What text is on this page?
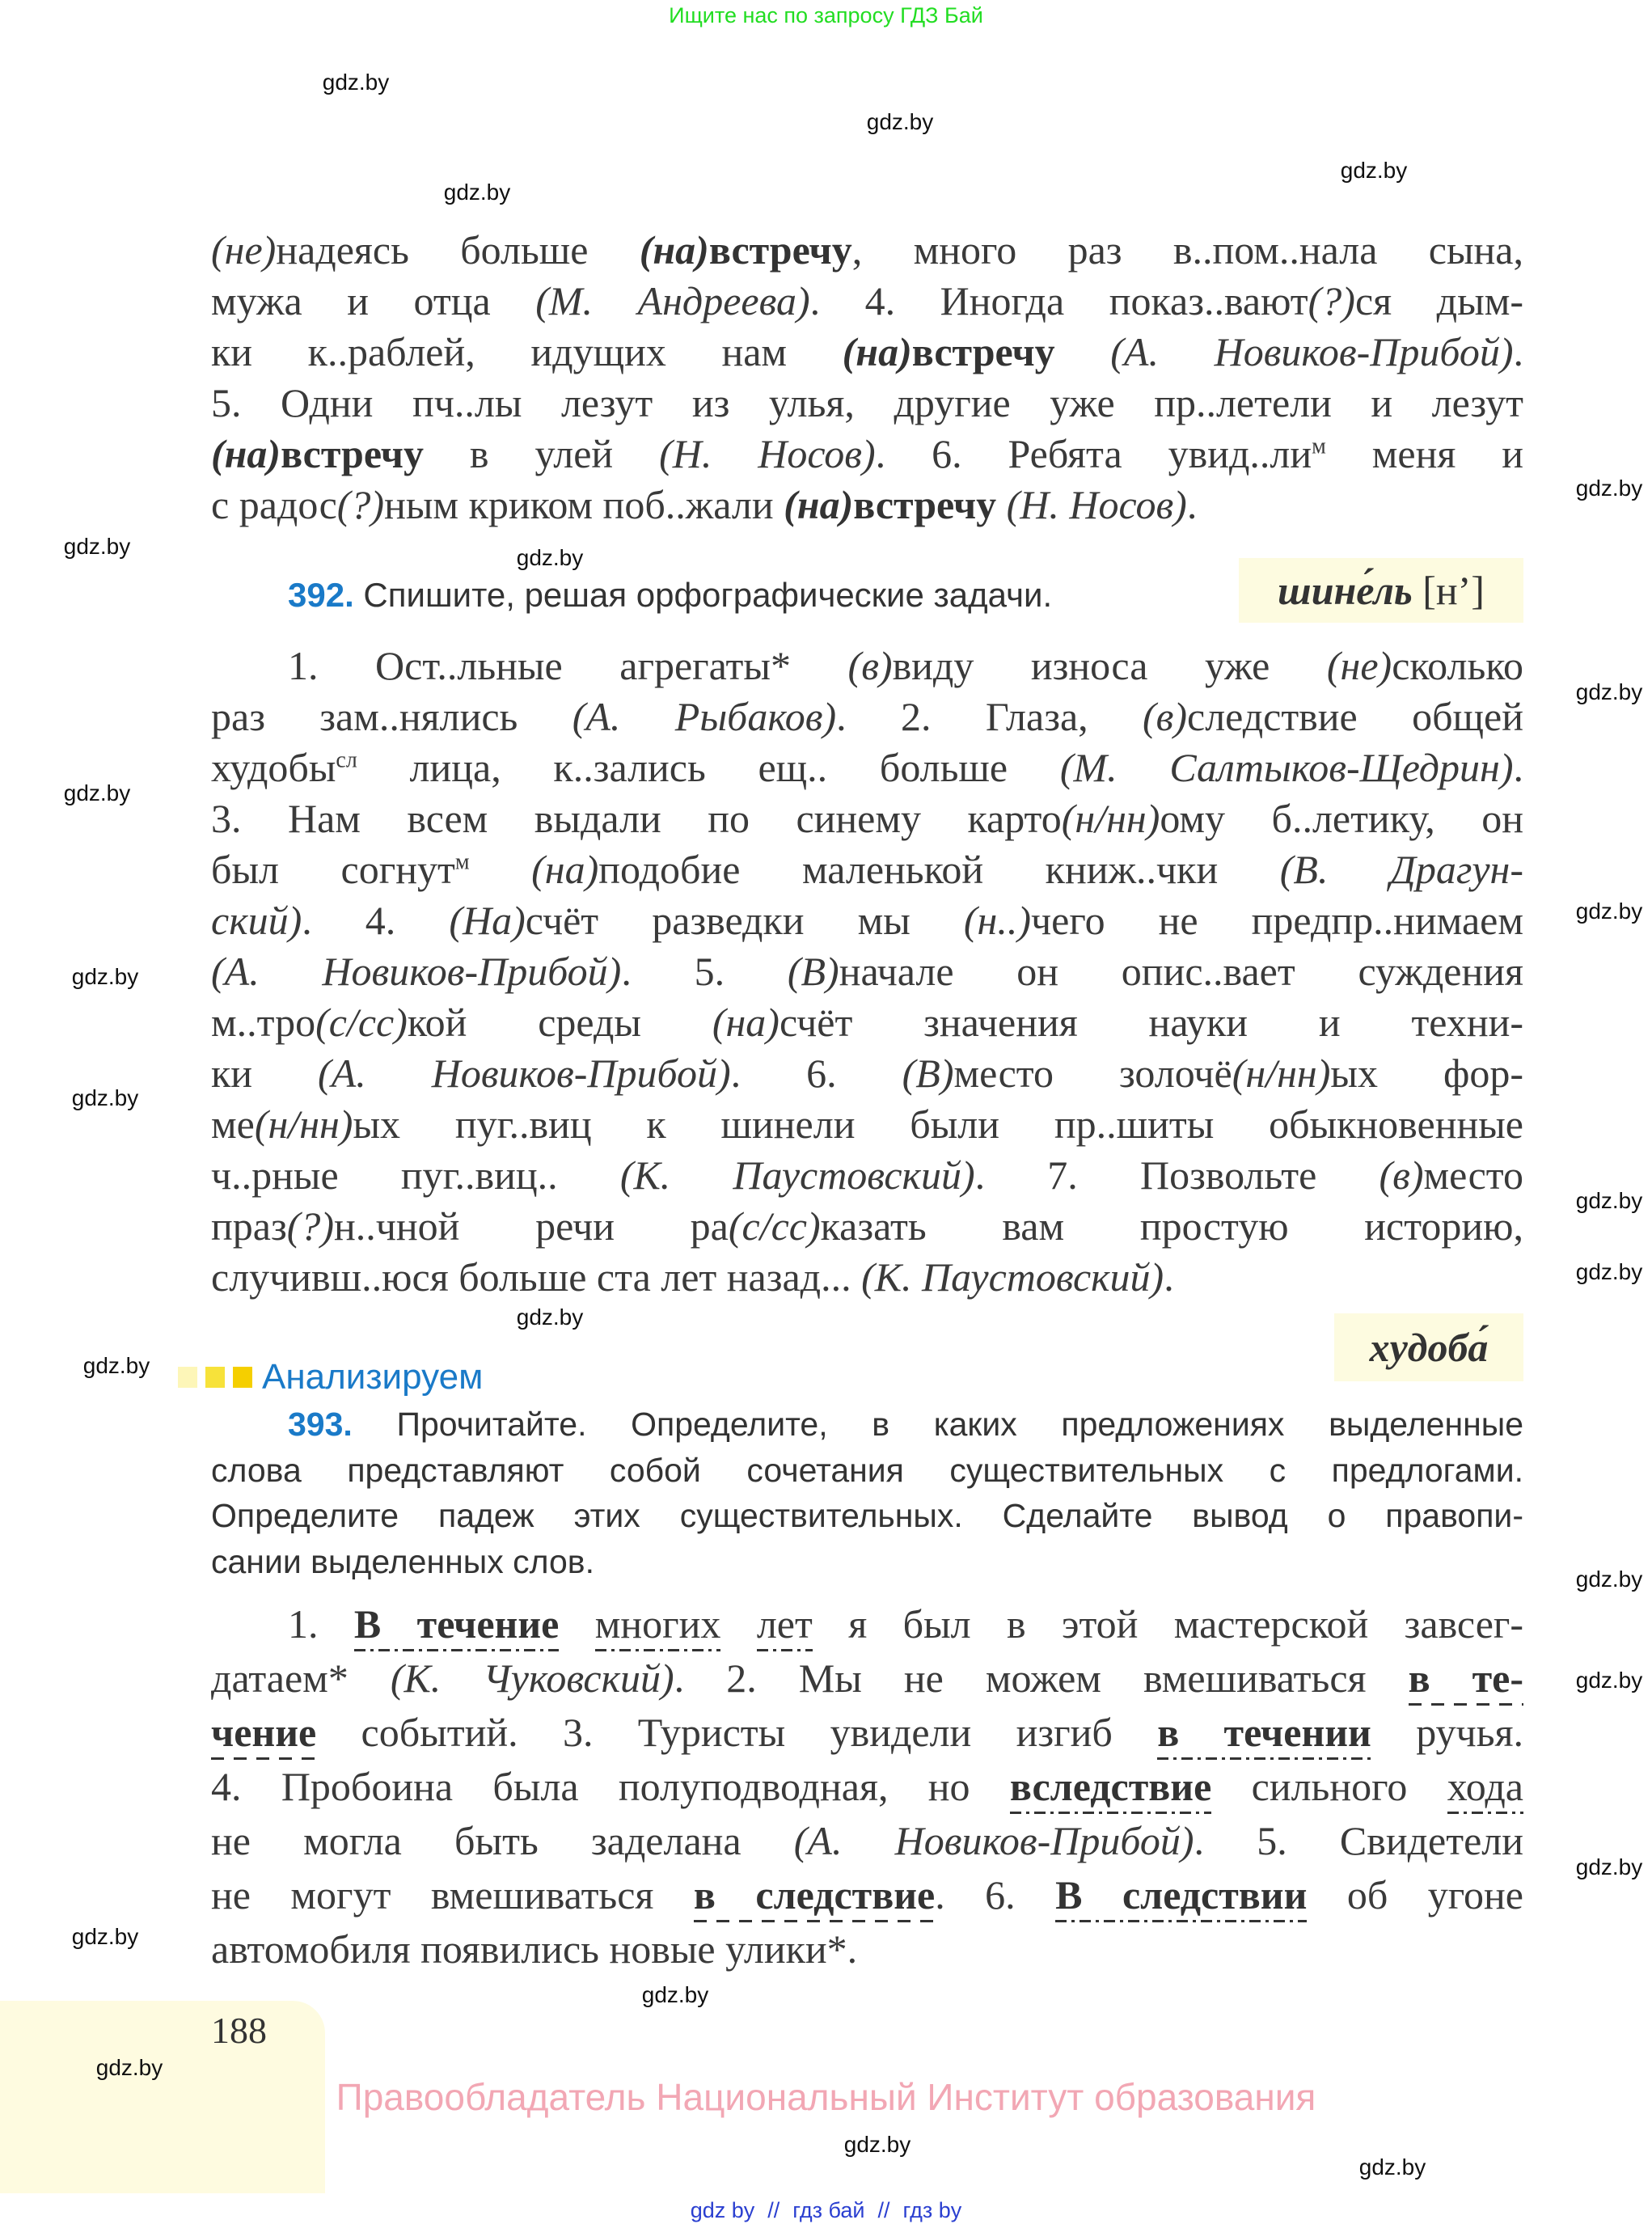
Ищите нас по запросу ГДЗ Бай
gdz.by
gdz.by
gdz.by
gdz.by
gdz.by
gdz.by	gdz.by
gdz.by
gdz.by
gdz.by
gdz.by
gdz.by
gdz.by
gdz.by
gdz.by
gdz.by
gdz.by
gdz.by
gdz.by
gdz.by
gdz.by
gdz.by
gdz.by
gdz.by
(не)надеясь больше (на)встречу, много раз в..пом..нала сына,
мужа и отца (М. Андреева). 4. Иногда показ..вают(?)ся дым-
ки к..раблей, идущих нам (на)встречу (А. Новиков-Прибой).
5. Одни пч..лы лезут из улья, другие уже пр..летели и лезут
(на)встречу в улей (Н. Носов). 6. Ребята $увид..ли^м$ меня и
с радос(?)ным криком поб..жали (на)встречу (Н. Носов).
392. Спишите, решая орфографические задачи.	шине́ль
[н’]
1. Ост..льные агрегаты* (в)виду износа уже (не)сколько
раз зам..нялись (А. Рыбаков). 2. Глаза, (в)следствие общей
худобы$^{сл}$ лица, к..зались ещ.. больше (М. Салтыков-Щедрин).
3. Нам всем выдали по синему карто(н/нн)ому б..летику, он
был согнут$^м$ (на)подобие маленькой книж..чки (В. Драгун-
ский). 4. (На)счёт разведки мы (н..)чего не предпр..нимаем
(А. Новиков-Прибой). 5. (В)начале он опис..вает суждения
м..тро(с/сс)кой среды (на)счёт значения науки и техни-
ки (А. Новиков-Прибой). 6. (В)место золочё(н/нн)ых фор-
ме(н/нн)ых пуг..виц к шинели были пр..шиты обыкновенные
ч..рные пуг..виц.. (К. Паустовский). 7. Позвольте (в)место
праз(?)н..чной речи ра(с/сс)казать вам простую историю,
случивш..юся больше ста лет назад... (К. Паустовский).
худоба́
Анализируем
393. Прочитайте. Определите, в каких предложениях выделенные
слова представляют собой сочетания существительных с предлогами.
Определите падеж этих существительных. Сделайте вывод о правопи-
сании выделенных слов.
1. В течение многих лет я был в этой мастерской завсег-
датаем* (К. Чуковский). 2. Мы не можем вмешиваться в те-
чение событий. 3. Туристы увидели изгиб в течении ручья.
4. Пробоина была полуподводная, но вследствие сильного хода
не могла быть заделана (А. Новиков-Прибой). 5. Свидетели
не могут вмешиваться в следствие. 6. В следствии об угоне
автомобиля появились новые улики*.
188
Правообладатель Национальный Институт образования
gdz by // гдз бай // гдз by
